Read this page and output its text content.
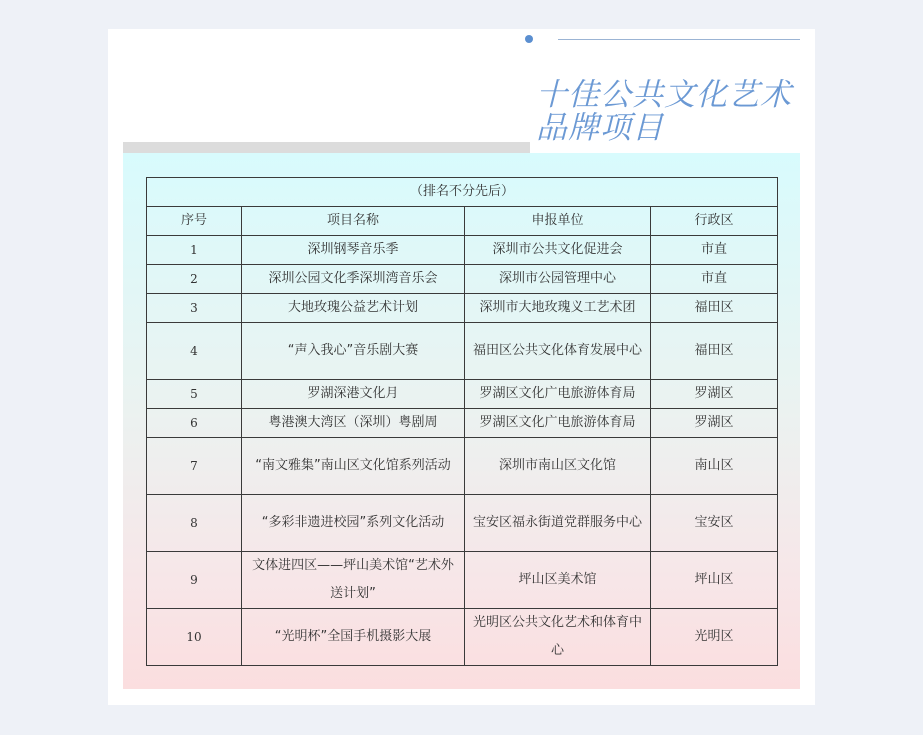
十佳公共文化艺术
品牌项目
（排名不分先后）			
序号	项目名称	申报单位	行政区
1	深圳钢琴音乐季	深圳市公共文化促进会	市直
2	深圳公园文化季深圳湾音乐会	深圳市公园管理中心	市直
3	大地玫瑰公益艺术计划	深圳市大地玫瑰义工艺术团	福田区
4	“声入我心”音乐剧大赛	福田区公共文化体育发展中心	福田区
5	罗湖深港文化月	罗湖区文化广电旅游体育局	罗湖区
6	粤港澳大湾区（深圳）粤剧周	罗湖区文化广电旅游体育局	罗湖区
7	“南文雅集”南山区文化馆系列活动	深圳市南山区文化馆	南山区
8	“多彩非遗进校园”系列文化活动	宝安区福永街道党群服务中心	宝安区
9	文体进四区——坪山美术馆“艺术外送计划”	坪山区美术馆	坪山区
10	“光明杯”全国手机摄影大展	光明区公共文化艺术和体育中心	光明区
